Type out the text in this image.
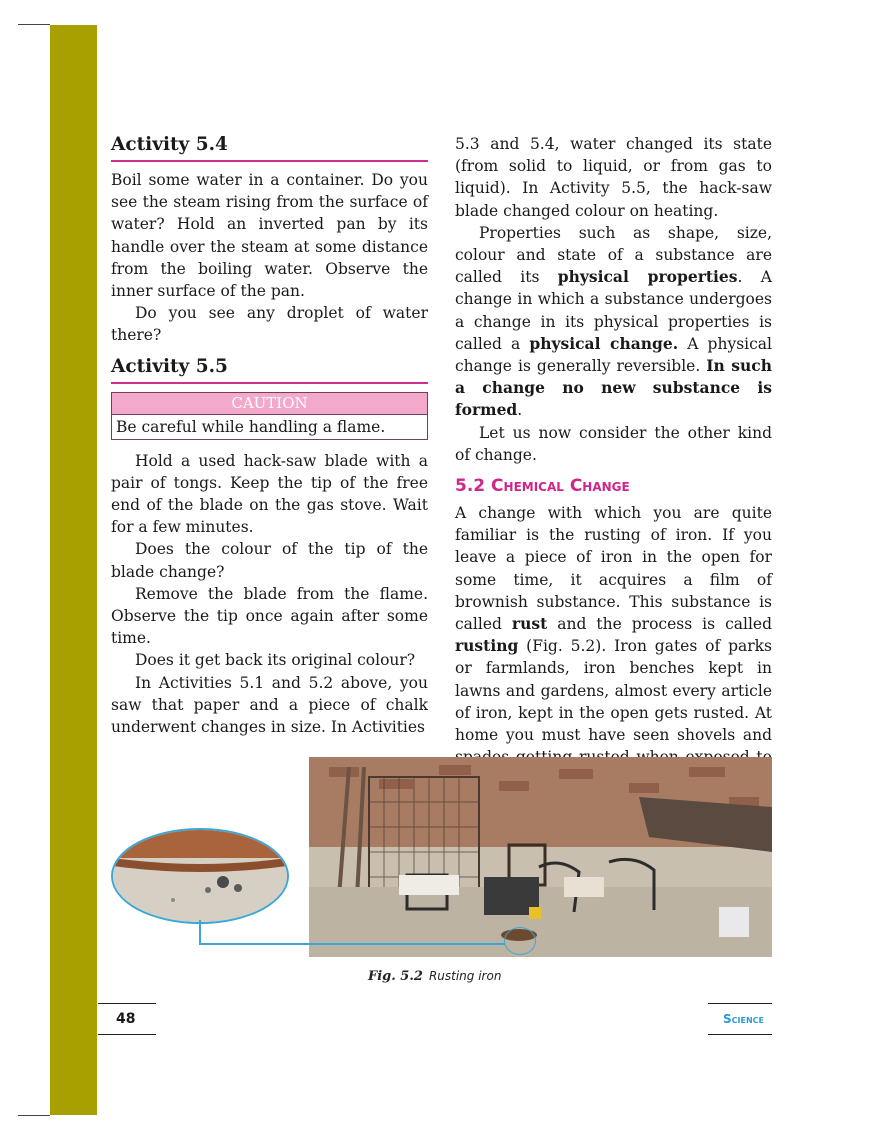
Activity 5.4

Boil some water in a container. Do you see the steam rising from the surface of water? Hold an inverted pan by its handle over the steam at some distance from the boiling water. Observe the inner surface of the pan.

Do you see any droplet of water there?

Activity 5.5
CAUTION
Be careful while handling a flame.

Hold a used hack-saw blade with a pair of tongs. Keep the tip of the free end of the blade on the gas stove. Wait for a few minutes.

Does the colour of the tip of the blade change?

Remove the blade from the flame. Observe the tip once again after some time.

Does it get back its original colour?

In Activities 5.1 and 5.2 above, you saw that paper and a piece of chalk underwent changes in size. In Activities

5.3 and 5.4, water changed its state (from solid to liquid, or from gas to liquid). In Activity 5.5, the hack-saw blade changed colour on heating.

Properties such as shape, size, colour and state of a substance are called its physical properties. A change in which a substance undergoes a change in its physical properties is called a physical change. A physical change is generally reversible. In such a change no new substance is formed.

Let us now consider the other kind of change.

5.2 Chemical Change

A change with which you are quite familiar is the rusting of iron. If you leave a piece of iron in the open for some time, it acquires a film of brownish substance. This substance is called rust and the process is called rusting (Fig. 5.2). Iron gates of parks or farmlands, iron benches kept in lawns and gardens, almost every article of iron, kept in the open gets rusted. At home you must have seen shovels and

Fig. 5.2 Rusting iron
48	Science
